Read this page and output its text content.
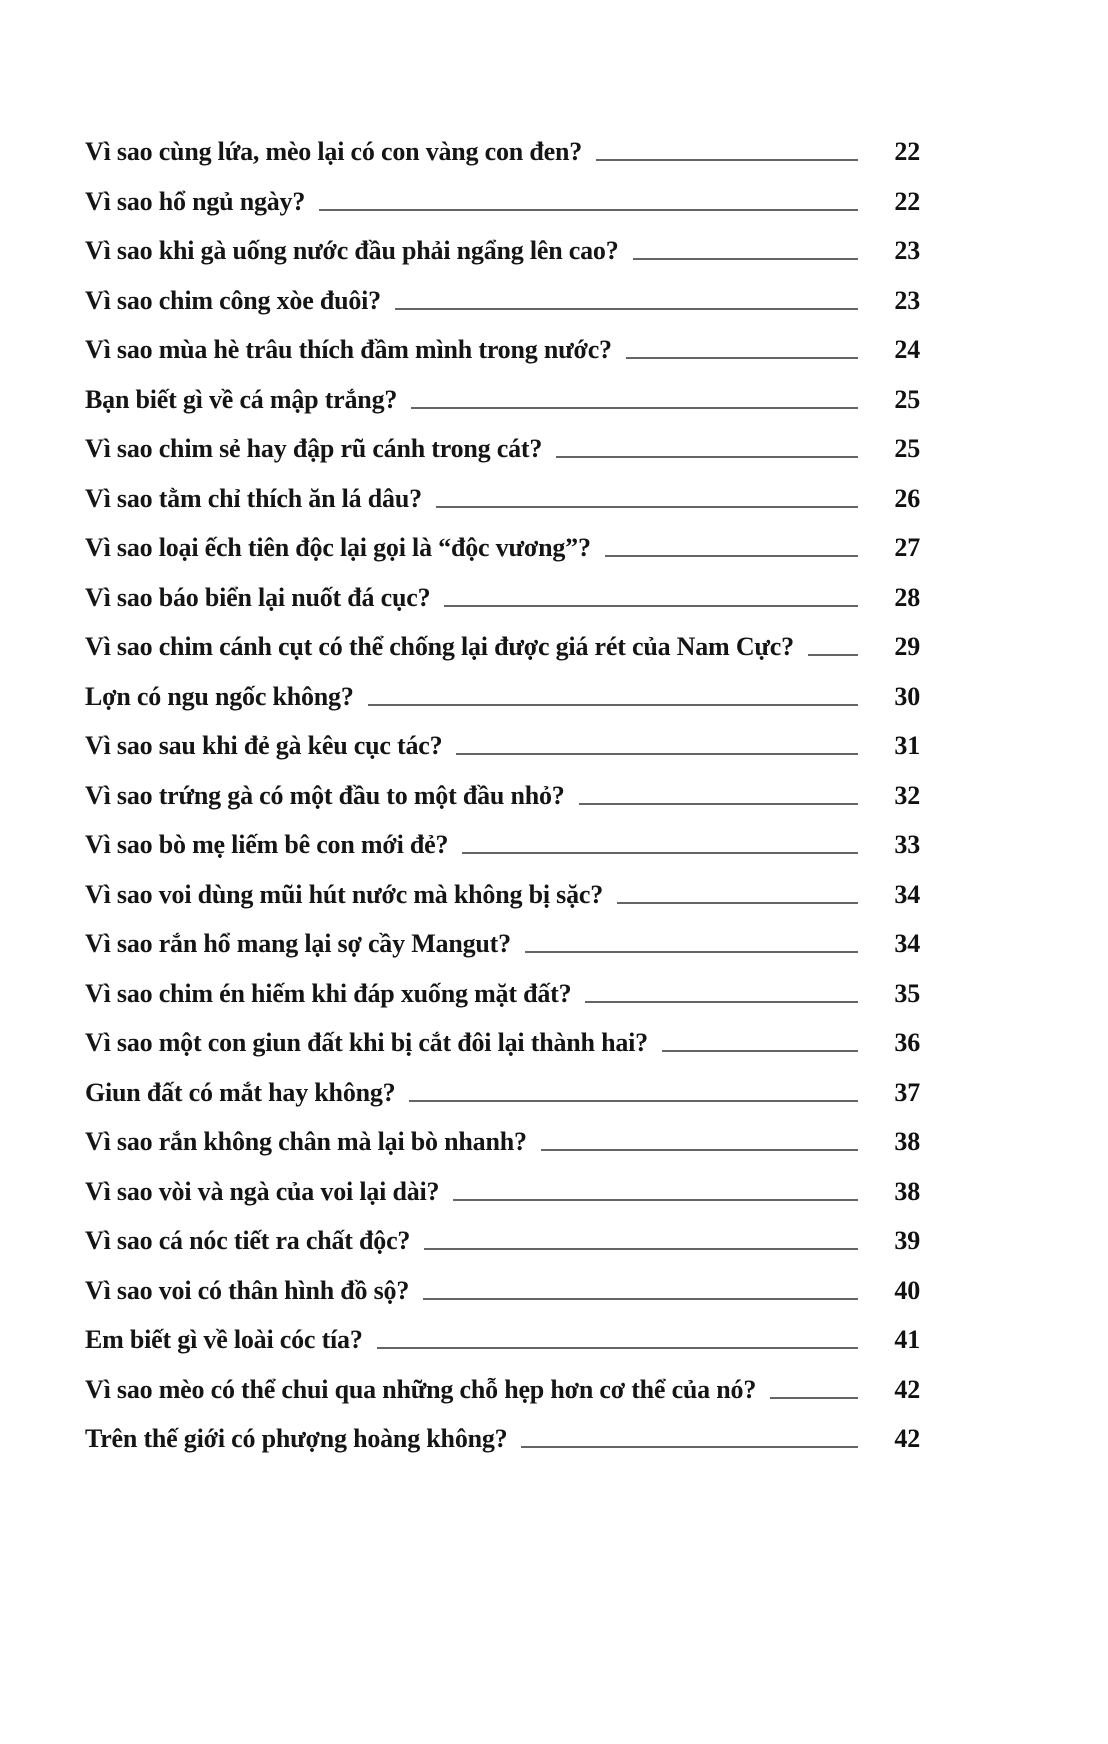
Vì sao cùng lứa, mèo lại có con vàng con đen?	22
Vì sao hổ ngủ ngày?	22
Vì sao khi gà uống nước đầu phải ngẩng lên cao?	23
Vì sao chim công xòe đuôi?	23
Vì sao mùa hè trâu thích đầm mình trong nước?	24
Bạn biết gì về cá mập trắng?	25
Vì sao chim sẻ hay đập rũ cánh trong cát?	25
Vì sao tằm chỉ thích ăn lá dâu?	26
Vì sao loại ếch tiên độc lại gọi là “độc vương”?	27
Vì sao báo biển lại nuốt đá cục?	28
Vì sao chim cánh cụt có thể chống lại được giá rét của Nam Cực?	29
Lợn có ngu ngốc không?	30
Vì sao sau khi đẻ gà kêu cục tác?	31
Vì sao trứng gà có một đầu to một đầu nhỏ?	32
Vì sao bò mẹ liếm bê con mới đẻ?	33
Vì sao voi dùng mũi hút nước mà không bị sặc?	34
Vì sao rắn hổ mang lại sợ cầy Mangut?	34
Vì sao chim én hiếm khi đáp xuống mặt đất?	35
Vì sao một con giun đất khi bị cắt đôi lại thành hai?	36
Giun đất có mắt hay không?	37
Vì sao rắn không chân mà lại bò nhanh?	38
Vì sao vòi và ngà của voi lại dài?	38
Vì sao cá nóc tiết ra chất độc?	39
Vì sao voi có thân hình đồ sộ?	40
Em biết gì về loài cóc tía?	41
Vì sao mèo có thể chui qua những chỗ hẹp hơn cơ thể của nó?	42
Trên thế giới có phượng hoàng không?	42
